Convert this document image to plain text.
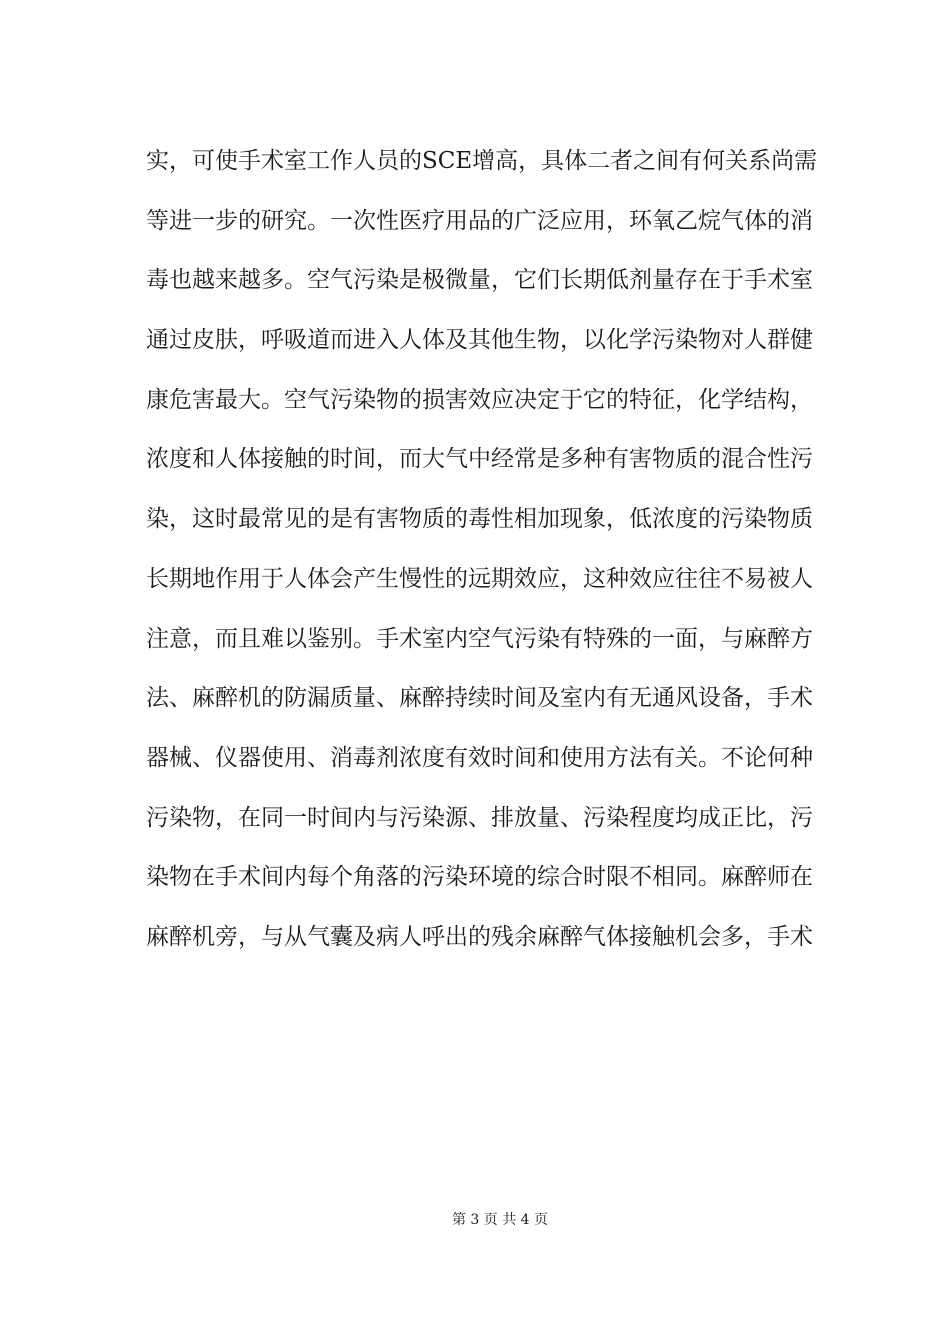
实，可使手术室工作人员的SCE增高，具体二者之间有何关系尚需
等进一步的研究。一次性医疗用品的广泛应用，环氧乙烷气体的消
毒也越来越多。空气污染是极微量，它们长期低剂量存在于手术室
通过皮肤，呼吸道而进入人体及其他生物，以化学污染物对人群健
康危害最大。空气污染物的损害效应决定于它的特征，化学结构，
浓度和人体接触的时间，而大气中经常是多种有害物质的混合性污
染，这时最常见的是有害物质的毒性相加现象，低浓度的污染物质
长期地作用于人体会产生慢性的远期效应，这种效应往往不易被人
注意，而且难以鉴别。手术室内空气污染有特殊的一面，与麻醉方
法、麻醉机的防漏质量、麻醉持续时间及室内有无通风设备，手术
器械、仪器使用、消毒剂浓度有效时间和使用方法有关。不论何种
污染物，在同一时间内与污染源、排放量、污染程度均成正比，污
染物在手术间内每个角落的污染环境的综合时限不相同。麻醉师在
麻醉机旁，与从气囊及病人呼出的残余麻醉气体接触机会多，手术
第 3 页 共 4 页
